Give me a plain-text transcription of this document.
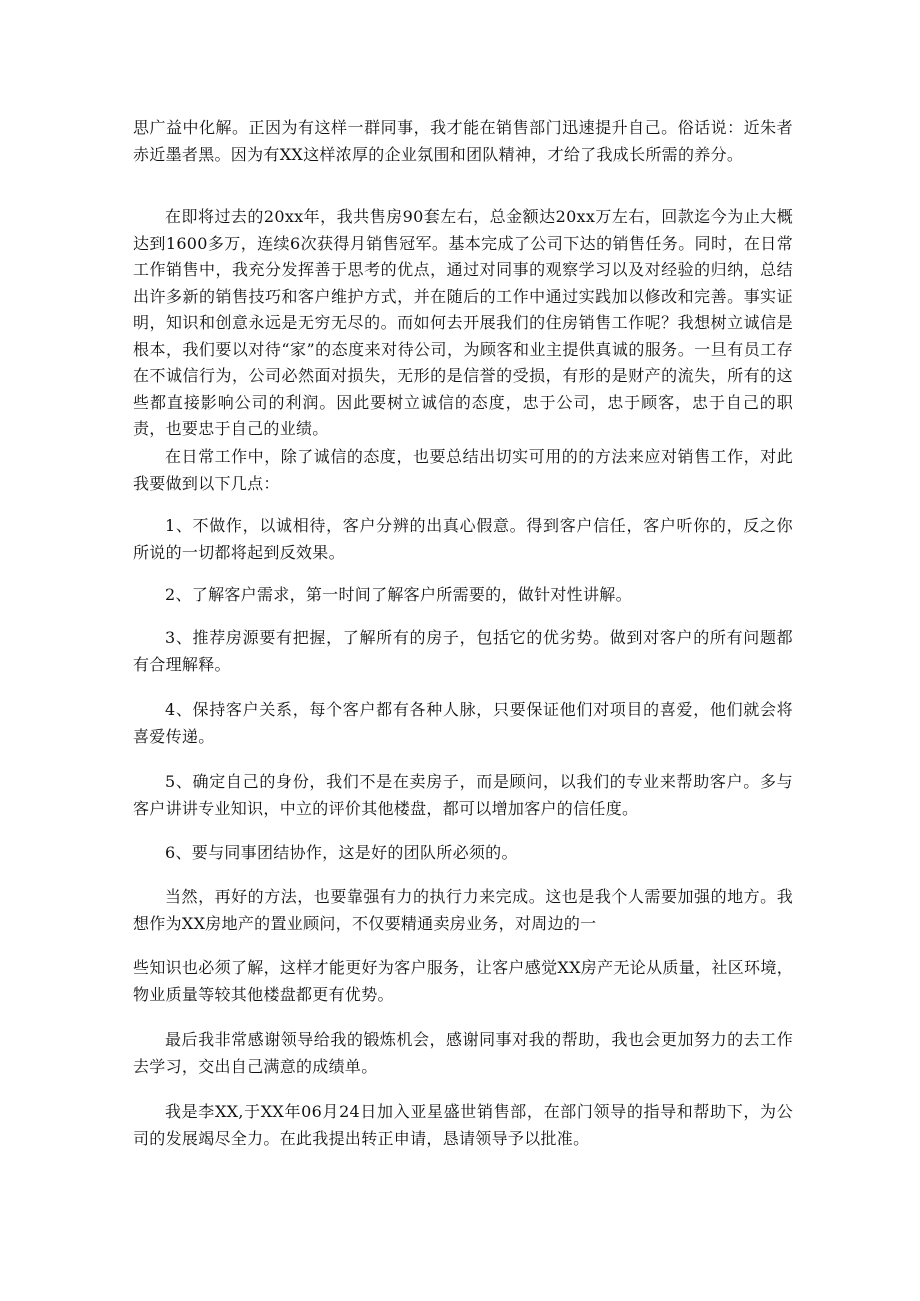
思广益中化解。正因为有这样一群同事，我才能在销售部门迅速提升自己。俗话说：近朱者赤近墨者黑。因为有XX这样浓厚的企业氛围和团队精神，才给了我成长所需的养分。

在即将过去的20xx年，我共售房90套左右，总金额达20xx万左右，回款迄今为止大概达到1600多万，连续6次获得月销售冠军。基本完成了公司下达的销售任务。同时，在日常工作销售中，我充分发挥善于思考的优点，通过对同事的观察学习以及对经验的归纳，总结出许多新的销售技巧和客户维护方式，并在随后的工作中通过实践加以修改和完善。事实证明，知识和创意永远是无穷无尽的。而如何去开展我们的住房销售工作呢？我想树立诚信是根本，我们要以对待“家”的态度来对待公司，为顾客和业主提供真诚的服务。一旦有员工存在不诚信行为，公司必然面对损失，无形的是信誉的受损，有形的是财产的流失，所有的这些都直接影响公司的利润。因此要树立诚信的态度，忠于公司，忠于顾客，忠于自己的职责，也要忠于自己的业绩。

在日常工作中，除了诚信的态度，也要总结出切实可用的的方法来应对销售工作，对此我要做到以下几点：

1、不做作，以诚相待，客户分辨的出真心假意。得到客户信任，客户听你的，反之你所说的一切都将起到反效果。

2、了解客户需求，第一时间了解客户所需要的，做针对性讲解。

3、推荐房源要有把握，了解所有的房子，包括它的优劣势。做到对客户的所有问题都有合理解释。

4、保持客户关系，每个客户都有各种人脉，只要保证他们对项目的喜爱，他们就会将喜爱传递。

5、确定自己的身份，我们不是在卖房子，而是顾问，以我们的专业来帮助客户。多与客户讲讲专业知识，中立的评价其他楼盘，都可以增加客户的信任度。

6、要与同事团结协作，这是好的团队所必须的。

当然，再好的方法，也要靠强有力的执行力来完成。这也是我个人需要加强的地方。我想作为XX房地产的置业顾问，不仅要精通卖房业务，对周边的一

些知识也必须了解，这样才能更好为客户服务，让客户感觉XX房产无论从质量，社区环境，物业质量等较其他楼盘都更有优势。

最后我非常感谢领导给我的锻炼机会，感谢同事对我的帮助，我也会更加努力的去工作去学习，交出自己满意的成绩单。

我是李XX,于XX年06月24日加入亚星盛世销售部，在部门领导的指导和帮助下，为公司的发展竭尽全力。在此我提出转正申请，恳请领导予以批准。
